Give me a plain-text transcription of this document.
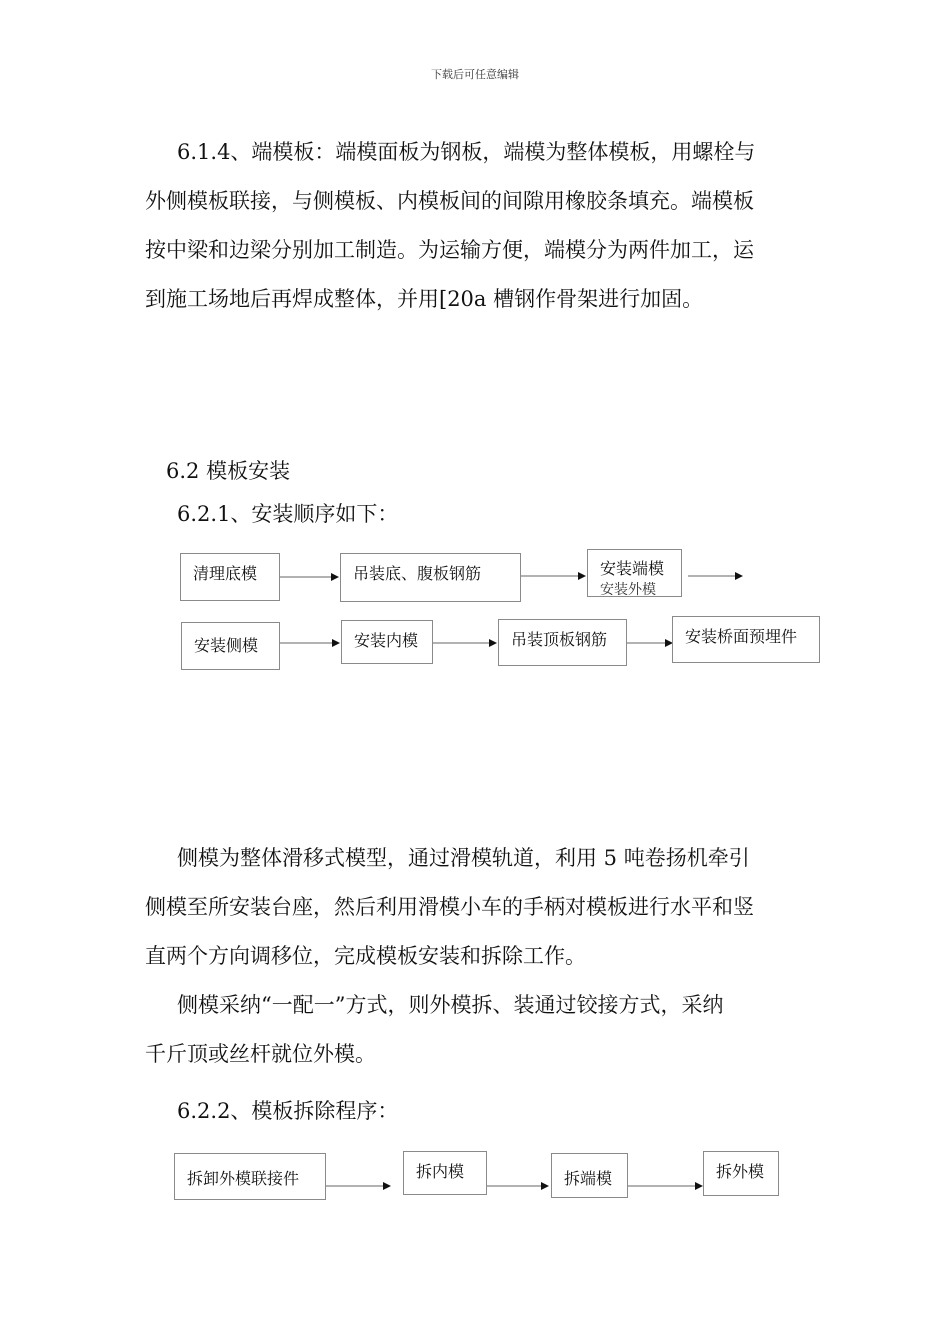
下载后可任意编辑
6.1.4、端模板：端模面板为钢板，端模为整体模板，用螺栓与
外侧模板联接，与侧模板、内模板间的间隙用橡胶条填充。端模板
按中梁和边梁分别加工制造。为运输方便，端模分为两件加工，运
到施工场地后再焊成整体，并用[20a 槽钢作骨架进行加固。
6.2 模板安装
6.2.1、安装顺序如下：
清理底模	吊装底、腹板钢筋	安装端模
安装外模
安装侧模	安装内模	吊装顶板钢筋	安装桥面预埋件
侧模为整体滑移式模型，通过滑模轨道，利用 5 吨卷扬机牵引
侧模至所安装台座，然后利用滑模小车的手柄对模板进行水平和竖
直两个方向调移位，完成模板安装和拆除工作。
侧模采纳“一配一”方式，则外模拆、装通过铰接方式，采纳
千斤顶或丝杆就位外模。
6.2.2、模板拆除程序：
拆卸外模联接件	拆内模	拆端模	拆外模
